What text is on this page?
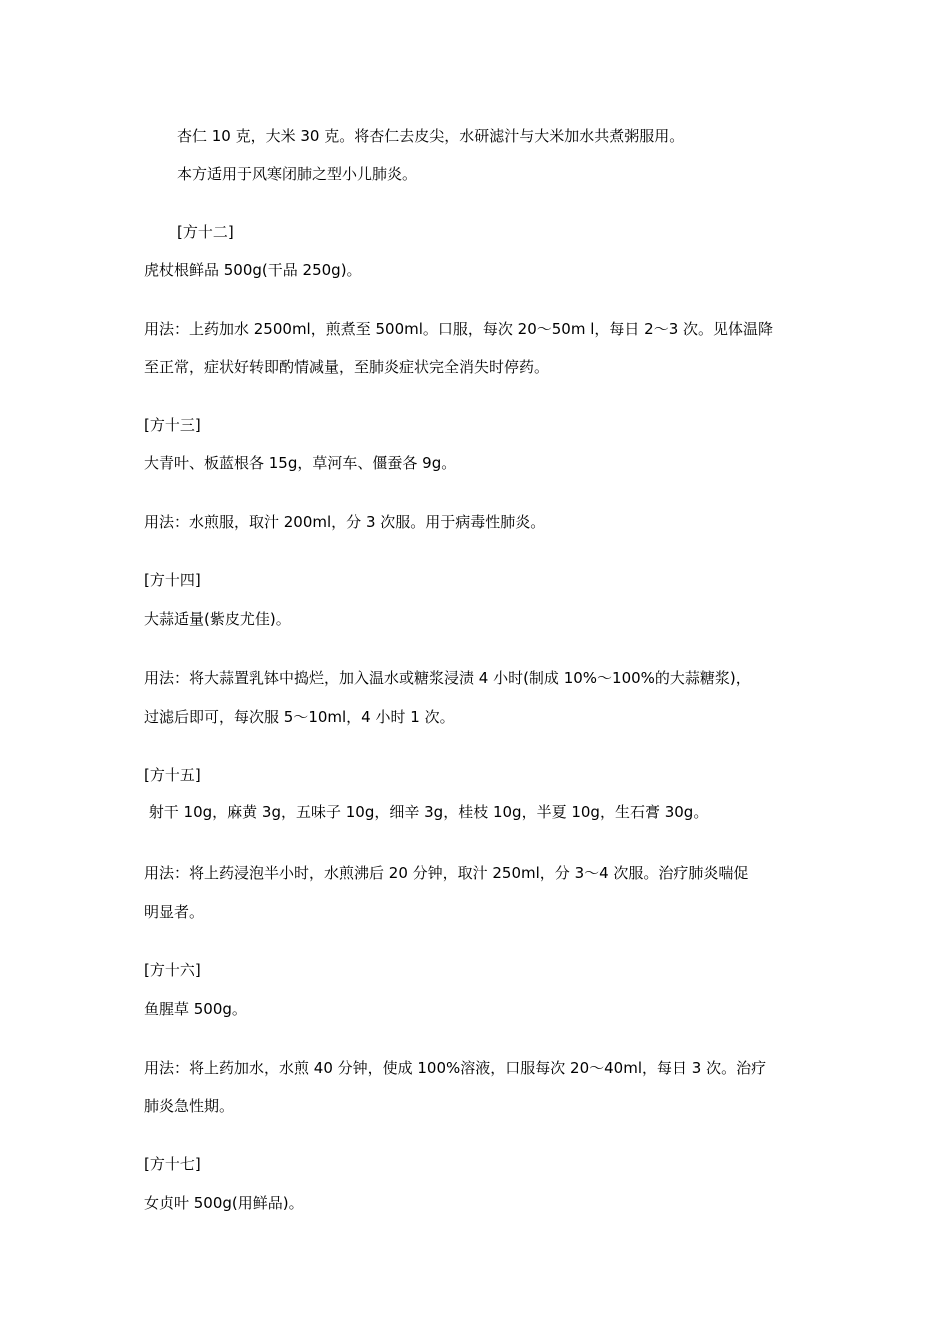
杏仁 10 克，大米 30 克。将杏仁去皮尖，水研滤汁与大米加水共煮粥服用。
本方适用于风寒闭肺之型小儿肺炎。
[方十二]
虎杖根鲜品 500g(干品 250g)。
用法：上药加水 2500ml，煎煮至 500ml。口服，每次 20～50m l，每日 2～3 次。见体温降
至正常，症状好转即酌情减量，至肺炎症状完全消失时停药。
[方十三]
大青叶、板蓝根各 15g，草河车、僵蚕各 9g。
用法：水煎服，取汁 200ml，分 3 次服。用于病毒性肺炎。
[方十四]
大蒜适量(紫皮尤佳)。
用法：将大蒜置乳钵中捣烂，加入温水或糖浆浸渍 4 小时(制成 10%～100%的大蒜糖浆)，
过滤后即可，每次服 5～10ml，4 小时 1 次。
[方十五]
射干 10g，麻黄 3g，五味子 10g，细辛 3g，桂枝 10g，半夏 10g，生石膏 30g。
用法：将上药浸泡半小时，水煎沸后 20 分钟，取汁 250ml，分 3～4 次服。治疗肺炎喘促
明显者。
[方十六]
鱼腥草 500g。
用法：将上药加水，水煎 40 分钟，使成 100%溶液，口服每次 20～40ml，每日 3 次。治疗
肺炎急性期。
[方十七]
女贞叶 500g(用鲜品)。
